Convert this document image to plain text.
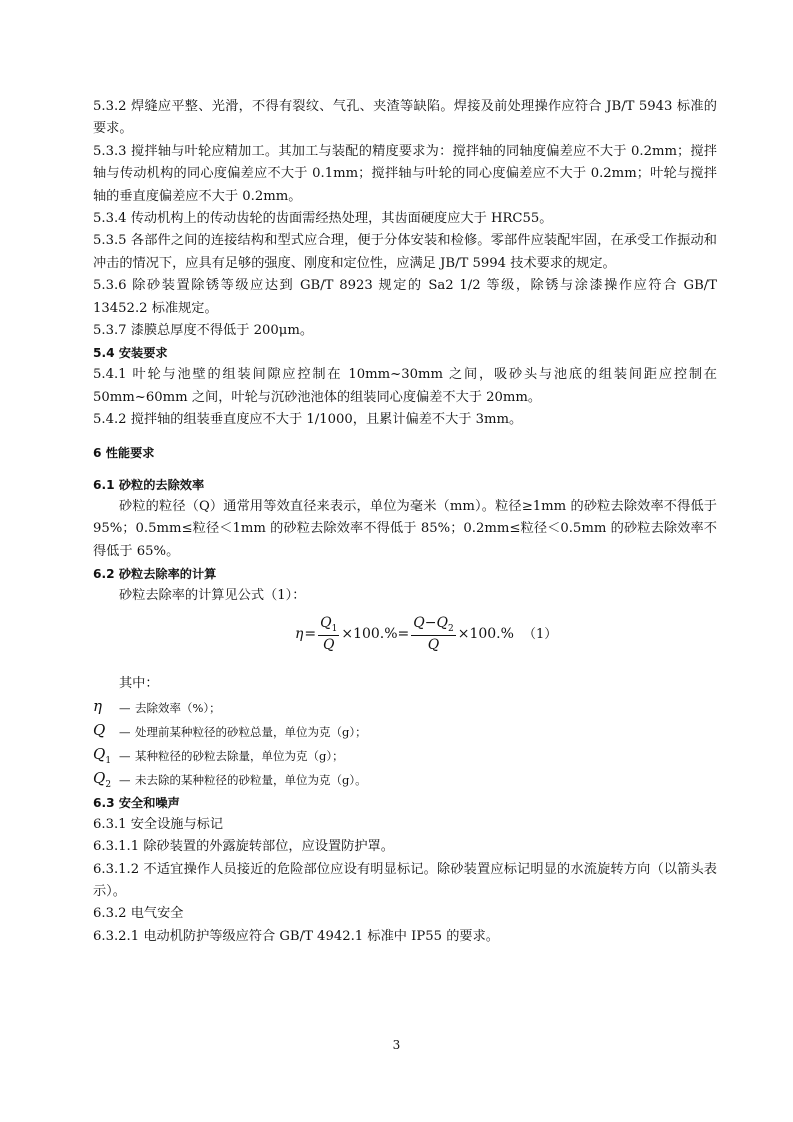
5.3.2 焊缝应平整、光滑，不得有裂纹、气孔、夹渣等缺陷。焊接及前处理操作应符合 JB/T 5943 标准的要求。

5.3.3 搅拌轴与叶轮应精加工。其加工与装配的精度要求为：搅拌轴的同轴度偏差应不大于 0.2mm；搅拌轴与传动机构的同心度偏差应不大于 0.1mm；搅拌轴与叶轮的同心度偏差应不大于 0.2mm；叶轮与搅拌轴的垂直度偏差应不大于 0.2mm。

5.3.4 传动机构上的传动齿轮的齿面需经热处理，其齿面硬度应大于 HRC55。

5.3.5 各部件之间的连接结构和型式应合理，便于分体安装和检修。零部件应装配牢固，在承受工作振动和冲击的情况下，应具有足够的强度、刚度和定位性，应满足 JB/T 5994 技术要求的规定。

5.3.6 除砂装置除锈等级应达到 GB/T 8923 规定的 Sa2 1/2 等级，除锈与涂漆操作应符合 GB/T 13452.2 标准规定。

5.3.7 漆膜总厚度不得低于 200μm。

5.4 安装要求

5.4.1 叶轮与池壁的组装间隙应控制在 10mm~30mm 之间，吸砂头与池底的组装间距应控制在 50mm~60mm 之间，叶轮与沉砂池池体的组装同心度偏差不大于 20mm。

5.4.2 搅拌轴的组装垂直度应不大于 1/1000，且累计偏差不大于 3mm。

6 性能要求

6.1 砂粒的去除效率

砂粒的粒径（Q）通常用等效直径来表示，单位为毫米（mm）。粒径≥1mm 的砂粒去除效率不得低于 95%；0.5mm≤粒径＜1mm 的砂粒去除效率不得低于 85%；0.2mm≤粒径＜0.5mm 的砂粒去除效率不得低于 65%。

6.2 砂粒去除率的计算

砂粒去除率的计算见公式（1）：

$\eta = \frac{Q_1}{Q} \times 100.\%= \frac{Q-Q_2}{Q} \times 100.\%$ （1）

其中：

η	— 去除效率（%）；
Q	— 处理前某种粒径的砂粒总量，单位为克（g）；
$Q_1$ — 某种粒径的砂粒去除量，单位为克（g）；
$Q_2$ — 未去除的某种粒径的砂粒量，单位为克（g）。

6.3 安全和噪声

6.3.1 安全设施与标记

6.3.1.1 除砂装置的外露旋转部位，应设置防护罩。

6.3.1.2 不适宜操作人员接近的危险部位应设有明显标记。除砂装置应标记明显的水流旋转方向（以箭头表示）。

6.3.2 电气安全

6.3.2.1 电动机防护等级应符合 GB/T 4942.1 标准中 IP55 的要求。

3
